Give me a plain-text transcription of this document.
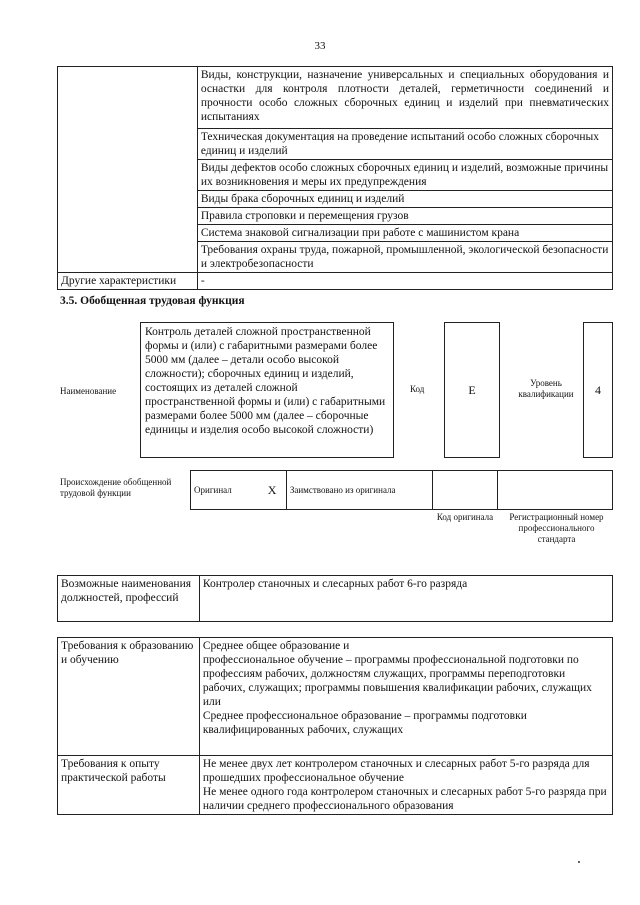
33
	Виды, конструкции, назначение универсальных и специальных оборудования и оснастки для контроля плотности деталей, герметичности соединений и прочности особо сложных сборочных единиц и изделий при пневматических испытаниях
	Техническая документация на проведение испытаний особо сложных сборочных единиц и изделий
	Виды дефектов особо сложных сборочных единиц и изделий, возможные причины их возникновения и меры их предупреждения
	Виды брака сборочных единиц и изделий
	Правила строповки и перемещения грузов
	Система знаковой сигнализации при работе с машинистом крана
	Требования охраны труда, пожарной, промышленной, экологической безопасности и электробезопасности
Другие характеристики	-
3.5. Обобщенная трудовая функция
Наименование
Контроль деталей сложной пространственной формы и (или) с габаритными размерами более 5000 мм (далее – детали особо высокой сложности); сборочных единиц и изделий, состоящих из деталей сложной пространственной формы и (или) с габаритными размерами более 5000 мм (далее – сборочные единицы и изделия особо высокой сложности)
Код	E	Уровень квалификации	4
Происхождение обобщенной трудовой функции	Оригинал	X	Заимствовано из оригинала		
Код оригинала	Регистрационный номер профессионального стандарта
Возможные наименования должностей, профессий	Контролер станочных и слесарных работ 6-го разряда
Требования к образованию и обучению	Среднее общее образование и
профессиональное обучение – программы профессиональной подготовки по профессиям рабочих, должностям служащих, программы переподготовки рабочих, служащих; программы повышения квалификации рабочих, служащих
или
Среднее профессиональное образование – программы подготовки квалифицированных рабочих, служащих

Требования к опыту практической работы	Не менее двух лет контролером станочных и слесарных работ 5-го разряда для прошедших профессиональное обучение
Не менее одного года контролером станочных и слесарных работ 5-го разряда при наличии среднего профессионального образования
